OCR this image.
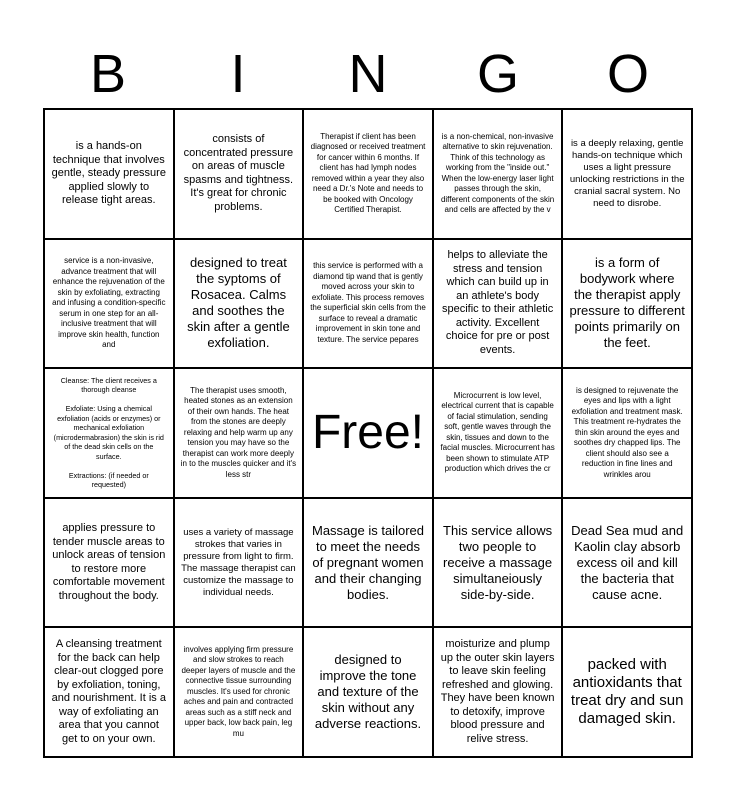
B	I	N	G	O
is a hands-on technique that involves gentle, steady pressure applied slowly to release tight areas.
consists of concentrated pressure on areas of muscle spasms and tightness. It's great for chronic problems.
Therapist if client has been diagnosed or received treatment for cancer within 6 months. If client has had lymph nodes removed within a year they also need a Dr.'s Note and needs to be booked with Oncology Certified Therapist.
is a non-chemical, non-invasive alternative to skin rejuvenation. Think of this technology as working from the "inside out." When the low-energy laser light passes through the skin, different components of the skin and cells are affected by the v
is a deeply relaxing, gentle hands-on technique which uses a light pressure unlocking restrictions in the cranial sacral system. No need to disrobe.
service is a non-invasive, advance treatment that will enhance the rejuvenation of the skin by exfoliating, extracting and infusing a condition-specific serum in one step for an all-inclusive treatment that will improve skin health, function and
designed to treat the syptoms of Rosacea. Calms and soothes the skin after a gentle exfoliation.
this service is performed with a diamond tip wand that is gently moved across your skin to exfoliate. This process removes the superficial skin cells from the surface to reveal a dramatic improvement in skin tone and texture. The service pepares
helps to alleviate the stress and tension which can build up in an athlete's body specific to their athletic activity. Excellent choice for pre or post events.
is a form of bodywork where the therapist apply pressure to different points primarily on the feet.
Cleanse: The client receives a thorough cleanse

Exfoliate: Using a chemical exfoliation (acids or enzymes) or mechanical exfoliation (microdermabrasion) the skin is rid of the dead skin cells on the surface.

Extractions: (if needed or requested)
The therapist uses smooth, heated stones as an extension of their own hands. The heat from the stones are deeply relaxing and help warm up any tension you may have so the therapist can work more deeply in to the muscles quicker and it's less str
Free!
Microcurrent is low level, electrical current that is capable of facial stimulation, sending soft, gentle waves through the skin, tissues and down to the facial muscles. Microcurrent has been shown to stimulate ATP production which drives the cr
is designed to rejuvenate the eyes and lips with a light exfoliation and treatment mask. This treatment re-hydrates the thin skin around the eyes and soothes dry chapped lips. The client should also see a reduction in fine lines and wrinkles arou
applies pressure to tender muscle areas to unlock areas of tension to restore more comfortable movement throughout the body.
uses a variety of massage strokes that varies in pressure from light to firm. The massage therapist can customize the massage to individual needs.
Massage is tailored to meet the needs of pregnant women and their changing bodies.
This service allows two people to receive a massage simultaneiously side-by-side.
Dead Sea mud and Kaolin clay absorb excess oil and kill the bacteria that cause acne.
A cleansing treatment for the back can help clear-out clogged pore by exfoliation, toning, and nourishment. It is a way of exfoliating an area that you cannot get to on your own.
involves applying firm pressure and slow strokes to reach deeper layers of muscle and the connective tissue surrounding muscles. It's used for chronic aches and pain and contracted areas such as a stiff neck and upper back, low back pain, leg mu
designed to improve the tone and texture of the skin without any adverse reactions.
moisturize and plump up the outer skin layers to leave skin feeling refreshed and glowing. They have been known to detoxify, improve blood pressure and relive stress.
packed with antioxidants that treat dry and sun damaged skin.
